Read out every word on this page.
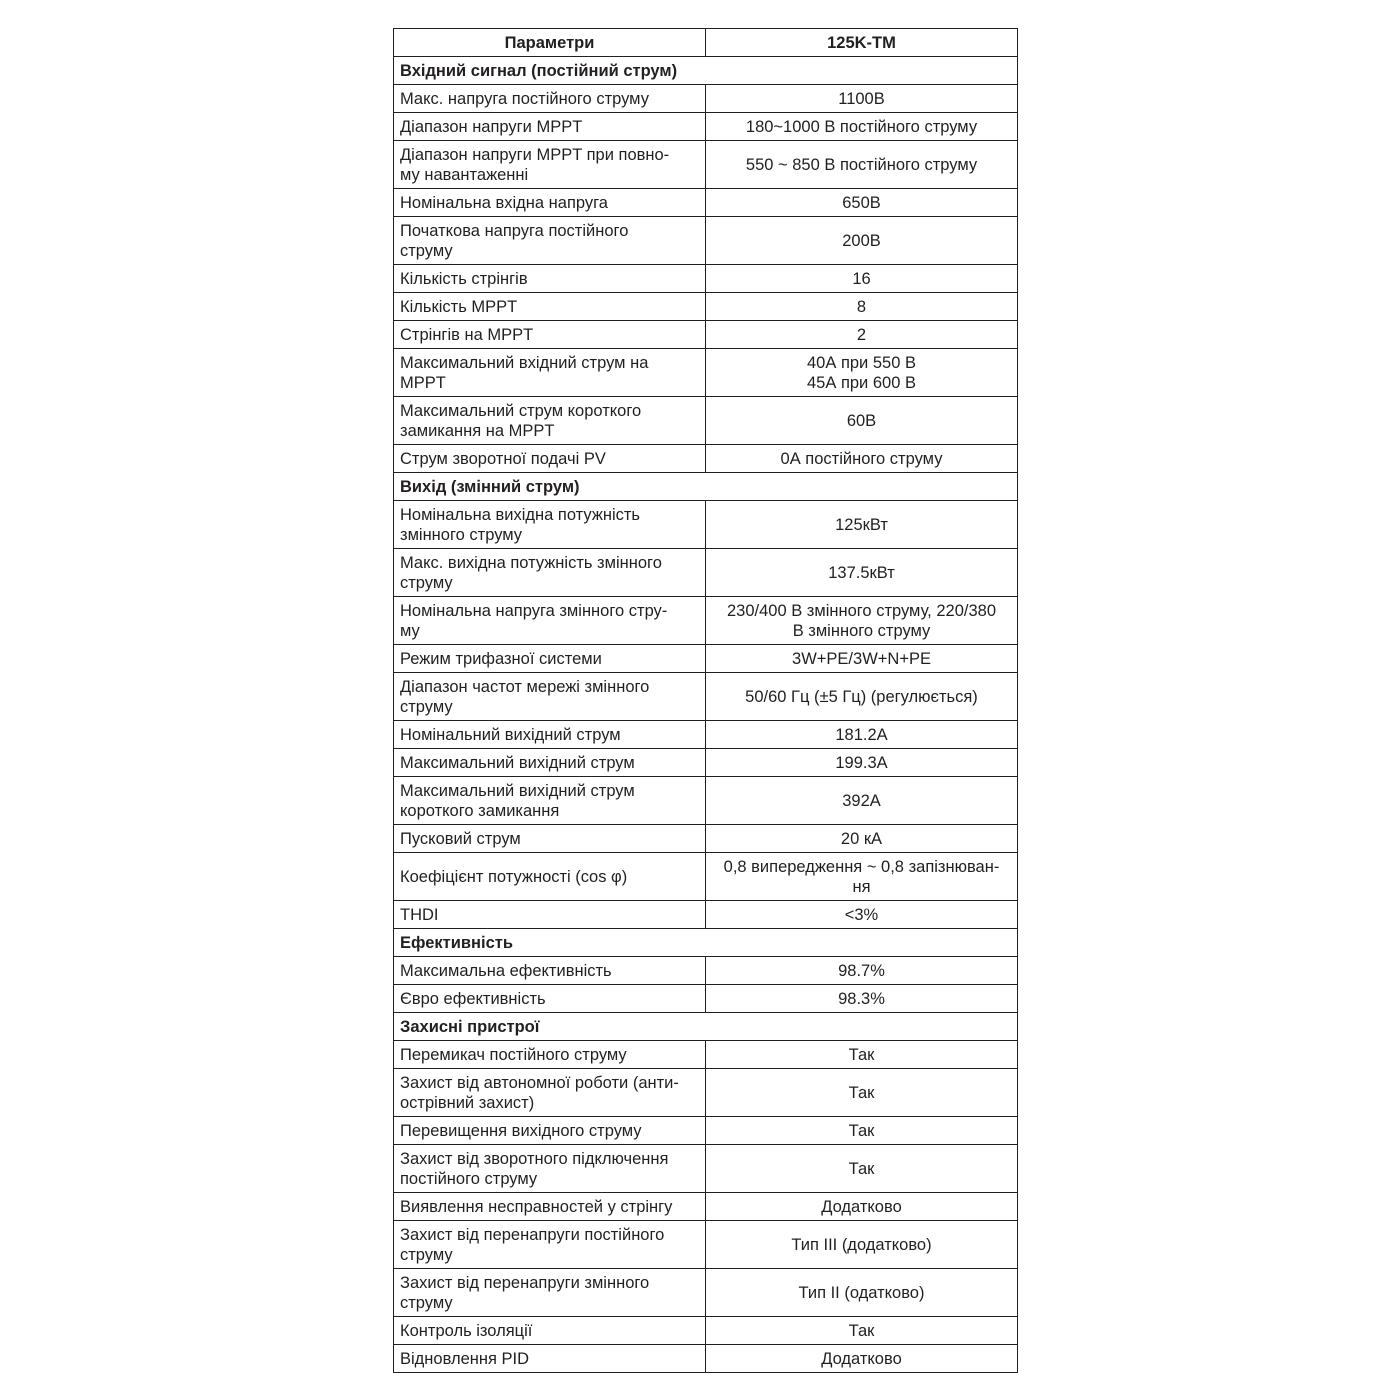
Параметри	125K-TM
Вхідний сигнал (постійний струм)	

Макс. напруга постійного струму	1100В

Діапазон напруги MPPT	180~1000 В постійного струму

Діапазон напруги MPPT при повно-
му навантаженні	550 ~ 850 В постійного струму

Номінальна вхідна напруга	650В

Початкова напруга постійного
струму	200В

Кількість стрінгів	16

Кількість MPPT	8

Стрінгів на MPPT	2

Максимальний вхідний струм на
MPPT	40А при 550 В
45А при 600 В

Максимальний струм короткого
замикання на MPPT	60В

Струм зворотної подачі PV	0А постійного струму

Вихід (змінний струм)	

Номінальна вихідна потужність
змінного струму	125кВт

Макс. вихідна потужність змінного
струму	137.5кВт

Номінальна напруга змінного стру-
му	230/400 В змінного струму, 220/380
В змінного струму

Режим трифазної системи	3W+PE/3W+N+PE

Діапазон частот мережі змінного
струму	50/60 Гц (±5 Гц) (регулюється)

Номінальний вихідний струм	181.2A

Максимальний вихідний струм	199.3A

Максимальний вихідний струм
короткого замикання	392A

Пусковий струм	20 кА

Коефіцієнт потужності (cos φ)	0,8 випередження ~ 0,8 запізнюван-
ня

THDI	<3%

Ефективність	

Максимальна ефективність	98.7%

Євро ефективність	98.3%

Захисні пристрої	

Перемикач постійного струму	Так

Захист від автономної роботи (анти-
острівний захист)	Так

Перевищення вихідного струму	Так

Захист від зворотного підключення
постійного струму	Так

Виявлення несправностей у стрінгу	Додатково

Захист від перенапруги постійного
струму	Тип III (додатково)

Захист від перенапруги змінного
струму	Тип II (одатково)

Контроль ізоляції	Так

Відновлення PID	Додатково
